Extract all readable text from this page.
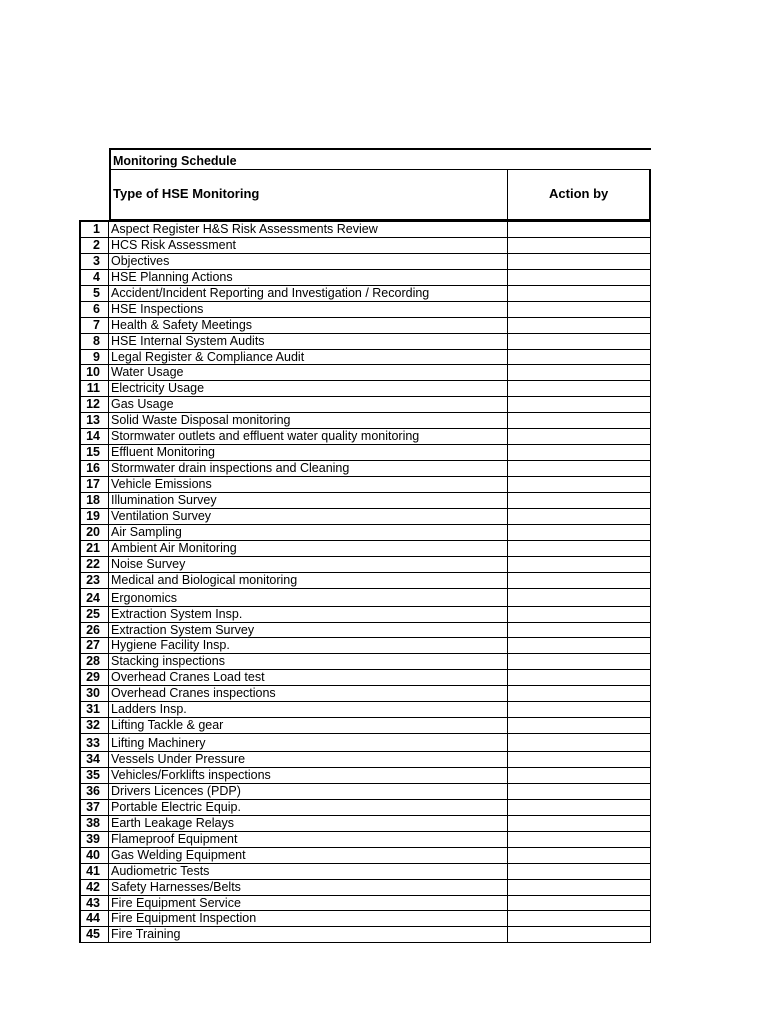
Monitoring Schedule
Type of HSE Monitoring	Action by
1 Aspect Register H&S Risk Assessments Review
2 HCS Risk Assessment
3 Objectives
4 HSE Planning Actions
5 Accident/Incident Reporting and Investigation / Recording
6 HSE Inspections
7 Health & Safety Meetings
8 HSE Internal System Audits
9 Legal Register & Compliance Audit
10 Water Usage
11 Electricity Usage
12 Gas Usage
13 Solid Waste Disposal monitoring
14 Stormwater outlets and effluent water quality monitoring
15 Effluent Monitoring
16 Stormwater drain inspections and Cleaning
17 Vehicle Emissions
18 Illumination Survey
19 Ventilation Survey
20 Air Sampling
21 Ambient Air Monitoring
22 Noise Survey
23 Medical and Biological monitoring
24 Ergonomics
25 Extraction System Insp.
26 Extraction System Survey
27 Hygiene Facility Insp.
28 Stacking inspections
29 Overhead Cranes Load test
30 Overhead Cranes inspections
31 Ladders Insp.
32 Lifting Tackle & gear
33 Lifting Machinery
34 Vessels Under Pressure
35 Vehicles/Forklifts inspections
36 Drivers Licences (PDP)
37 Portable Electric Equip.
38 Earth Leakage Relays
39 Flameproof Equipment
40 Gas Welding Equipment
41 Audiometric Tests
42 Safety Harnesses/Belts
43 Fire Equipment Service
44 Fire Equipment Inspection
45 Fire Training
